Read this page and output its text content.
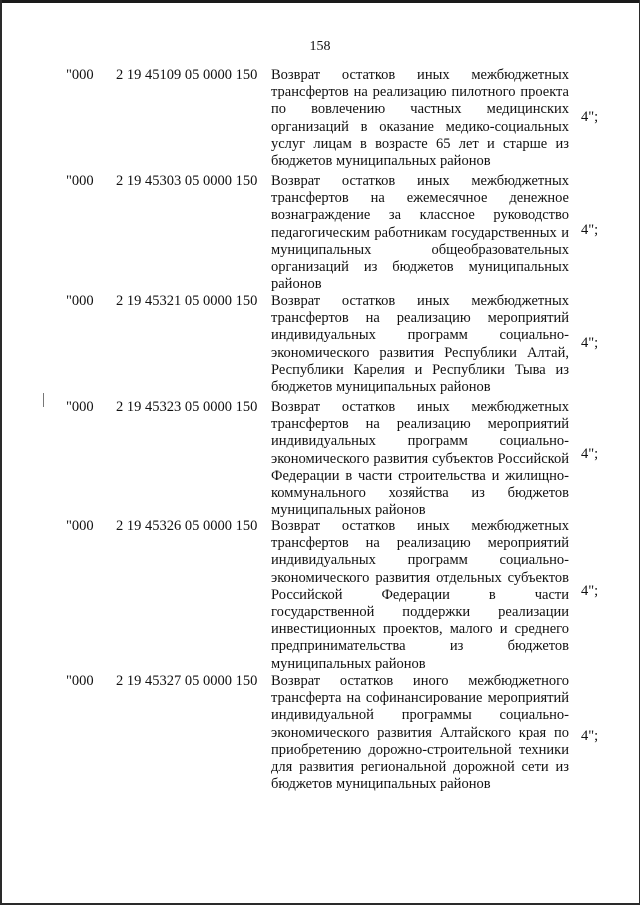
158
"000 2 19 45109 05 0000 150 Возврат остатков иных межбюджетных трансфертов на реализацию пилотного проекта по вовлечению частных медицинских организаций в оказание медико-социальных услуг лицам в возрасте 65 лет и старше из бюджетов муниципальных районов
4";
"000 2 19 45303 05 0000 150 Возврат остатков иных межбюджетных трансфертов на ежемесячное денежное вознаграждение за классное руководство педагогическим работникам государственных и муниципальных общеобразовательных организаций из бюджетов муниципальных районов
4";
"000 2 19 45321 05 0000 150 Возврат остатков иных межбюджетных трансфертов на реализацию мероприятий индивидуальных программ социально-экономического развития Республики Алтай, Республики Карелия и Республики Тыва из бюджетов муниципальных районов
4";
"000 2 19 45323 05 0000 150 Возврат остатков иных межбюджетных трансфертов на реализацию мероприятий индивидуальных программ социально-экономического развития субъектов Российской Федерации в части строительства и жилищно-коммунального хозяйства из бюджетов муниципальных районов
4";
"000 2 19 45326 05 0000 150 Возврат остатков иных межбюджетных трансфертов на реализацию мероприятий индивидуальных программ социально-экономического развития отдельных субъектов Российской Федерации в части государственной поддержки реализации инвестиционных проектов, малого и среднего предпринимательства из бюджетов муниципальных районов
4";
"000 2 19 45327 05 0000 150 Возврат остатков иного межбюджетного трансферта на софинансирование мероприятий индивидуальной программы социально-экономического развития Алтайского края по приобретению дорожно-строительной техники для развития региональной дорожной сети из бюджетов муниципальных районов
4";
